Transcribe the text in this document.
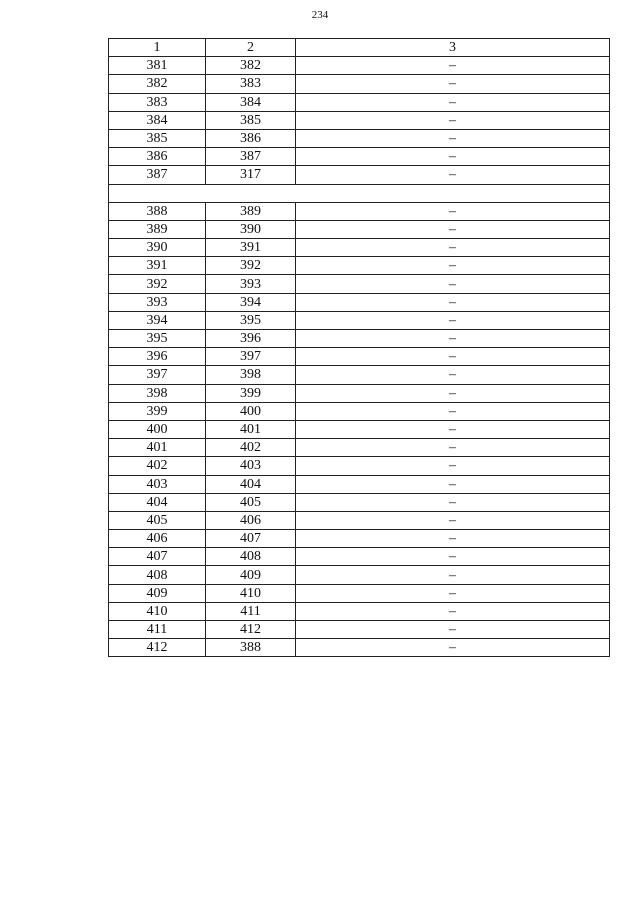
234
1	2	3
381	382	–
382	383	–
383	384	–
384	385	–
385	386	–
386	387	–
387	317	–

388	389	–
389	390	–
390	391	–
391	392	–
392	393	–
393	394	–
394	395	–
395	396	–
396	397	–
397	398	–
398	399	–
399	400	–
400	401	–
401	402	–
402	403	–
403	404	–
404	405	–
405	406	–
406	407	–
407	408	–
408	409	–
409	410	–
410	411	–
411	412	–
412	388	–
